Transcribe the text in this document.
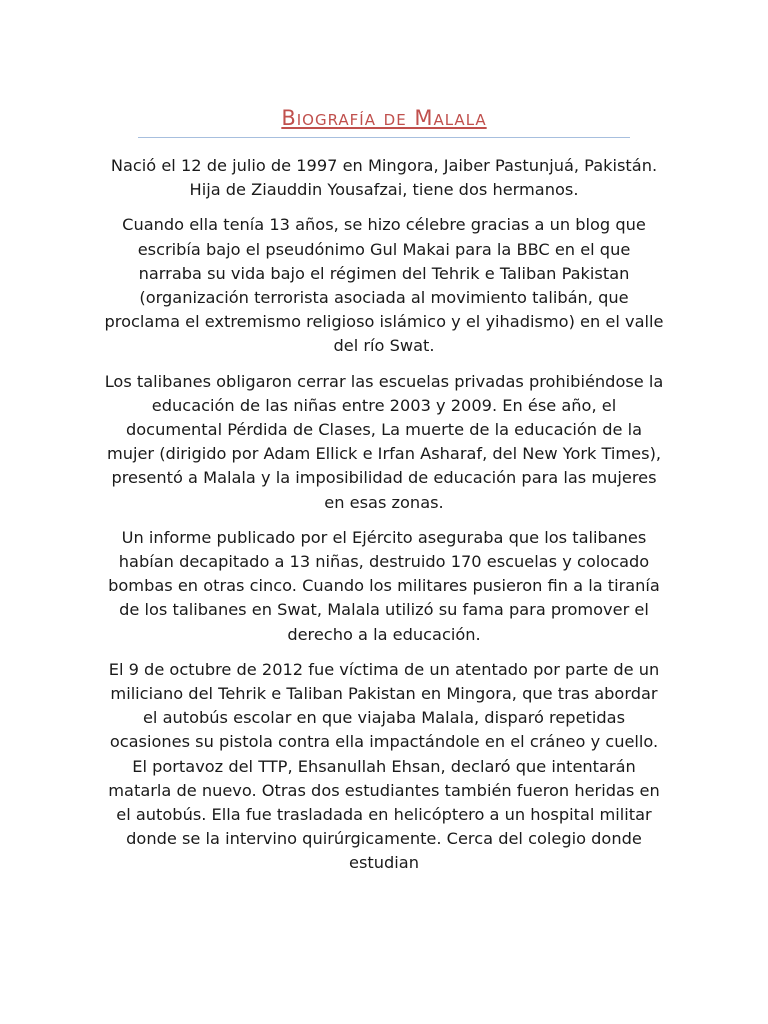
Biografía de Malala

Nació el 12 de julio de 1997 en Mingora, Jaiber Pastunjuá, Pakistán. Hija de Ziauddin Yousafzai, tiene dos hermanos.

Cuando ella tenía 13 años, se hizo célebre gracias a un blog que escribía bajo el pseudónimo Gul Makai para la BBC en el que narraba su vida bajo el régimen del Tehrik e Taliban Pakistan (organización terrorista asociada al movimiento talibán, que proclama el extremismo religioso islámico y el yihadismo) en el valle del río Swat.

Los talibanes obligaron cerrar las escuelas privadas prohibiéndose la educación de las niñas entre 2003 y 2009. En ése año, el documental Pérdida de Clases, La muerte de la educación de la mujer (dirigido por Adam Ellick e Irfan Asharaf, del New York Times), presentó a Malala y la imposibilidad de educación para las mujeres en esas zonas.

Un informe publicado por el Ejército aseguraba que los talibanes habían decapitado a 13 niñas, destruido 170 escuelas y colocado bombas en otras cinco. Cuando los militares pusieron fin a la tiranía de los talibanes en Swat, Malala utilizó su fama para promover el derecho a la educación.

El 9 de octubre de 2012 fue víctima de un atentado por parte de un miliciano del Tehrik e Taliban Pakistan en Mingora, que tras abordar el autobús escolar en que viajaba Malala, disparó repetidas ocasiones su pistola contra ella impactándole en el cráneo y cuello. El portavoz del TTP, Ehsanullah Ehsan, declaró que intentarán matarla de nuevo. Otras dos estudiantes también fueron heridas en el autobús. Ella fue trasladada en helicóptero a un hospital militar donde se la intervino quirúrgicamente. Cerca del colegio donde estudian
